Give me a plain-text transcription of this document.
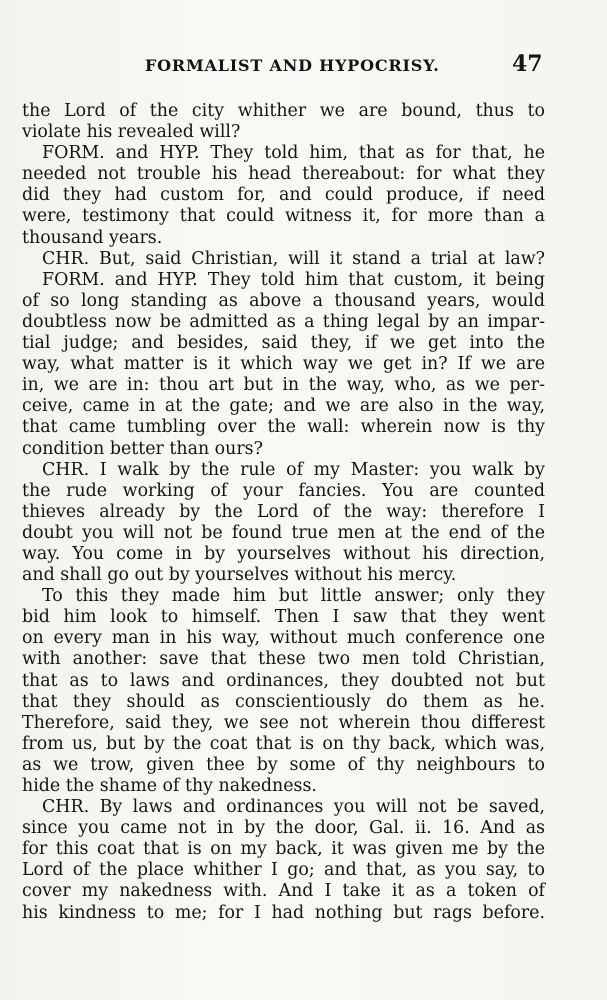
FORMALIST AND HYPOCRISY.	47
the Lord of the city whither we are bound, thus to
violate his revealed will?
FORM. and HYP. They told him, that as for that, he
needed not trouble his head thereabout: for what they
did they had custom for, and could produce, if need
were, testimony that could witness it, for more than a
thousand years.
CHR. But, said Christian, will it stand a trial at law?
FORM. and HYP. They told him that custom, it being
of so long standing as above a thousand years, would
doubtless now be admitted as a thing legal by an impar-
tial judge; and besides, said they, if we get into the
way, what matter is it which way we get in? If we are
in, we are in: thou art but in the way, who, as we per-
ceive, came in at the gate; and we are also in the way,
that came tumbling over the wall: wherein now is thy
condition better than ours?
CHR. I walk by the rule of my Master: you walk by
the rude working of your fancies. You are counted
thieves already by the Lord of the way: therefore I
doubt you will not be found true men at the end of the
way. You come in by yourselves without his direction,
and shall go out by yourselves without his mercy.
To this they made him but little answer; only they
bid him look to himself. Then I saw that they went
on every man in his way, without much conference one
with another: save that these two men told Christian,
that as to laws and ordinances, they doubted not but
that they should as conscientiously do them as he.
Therefore, said they, we see not wherein thou differest
from us, but by the coat that is on thy back, which was,
as we trow, given thee by some of thy neighbours to
hide the shame of thy nakedness.
CHR. By laws and ordinances you will not be saved,
since you came not in by the door, Gal. ii. 16. And as
for this coat that is on my back, it was given me by the
Lord of the place whither I go; and that, as you say, to
cover my nakedness with. And I take it as a token of
his kindness to me; for I had nothing but rags before.
